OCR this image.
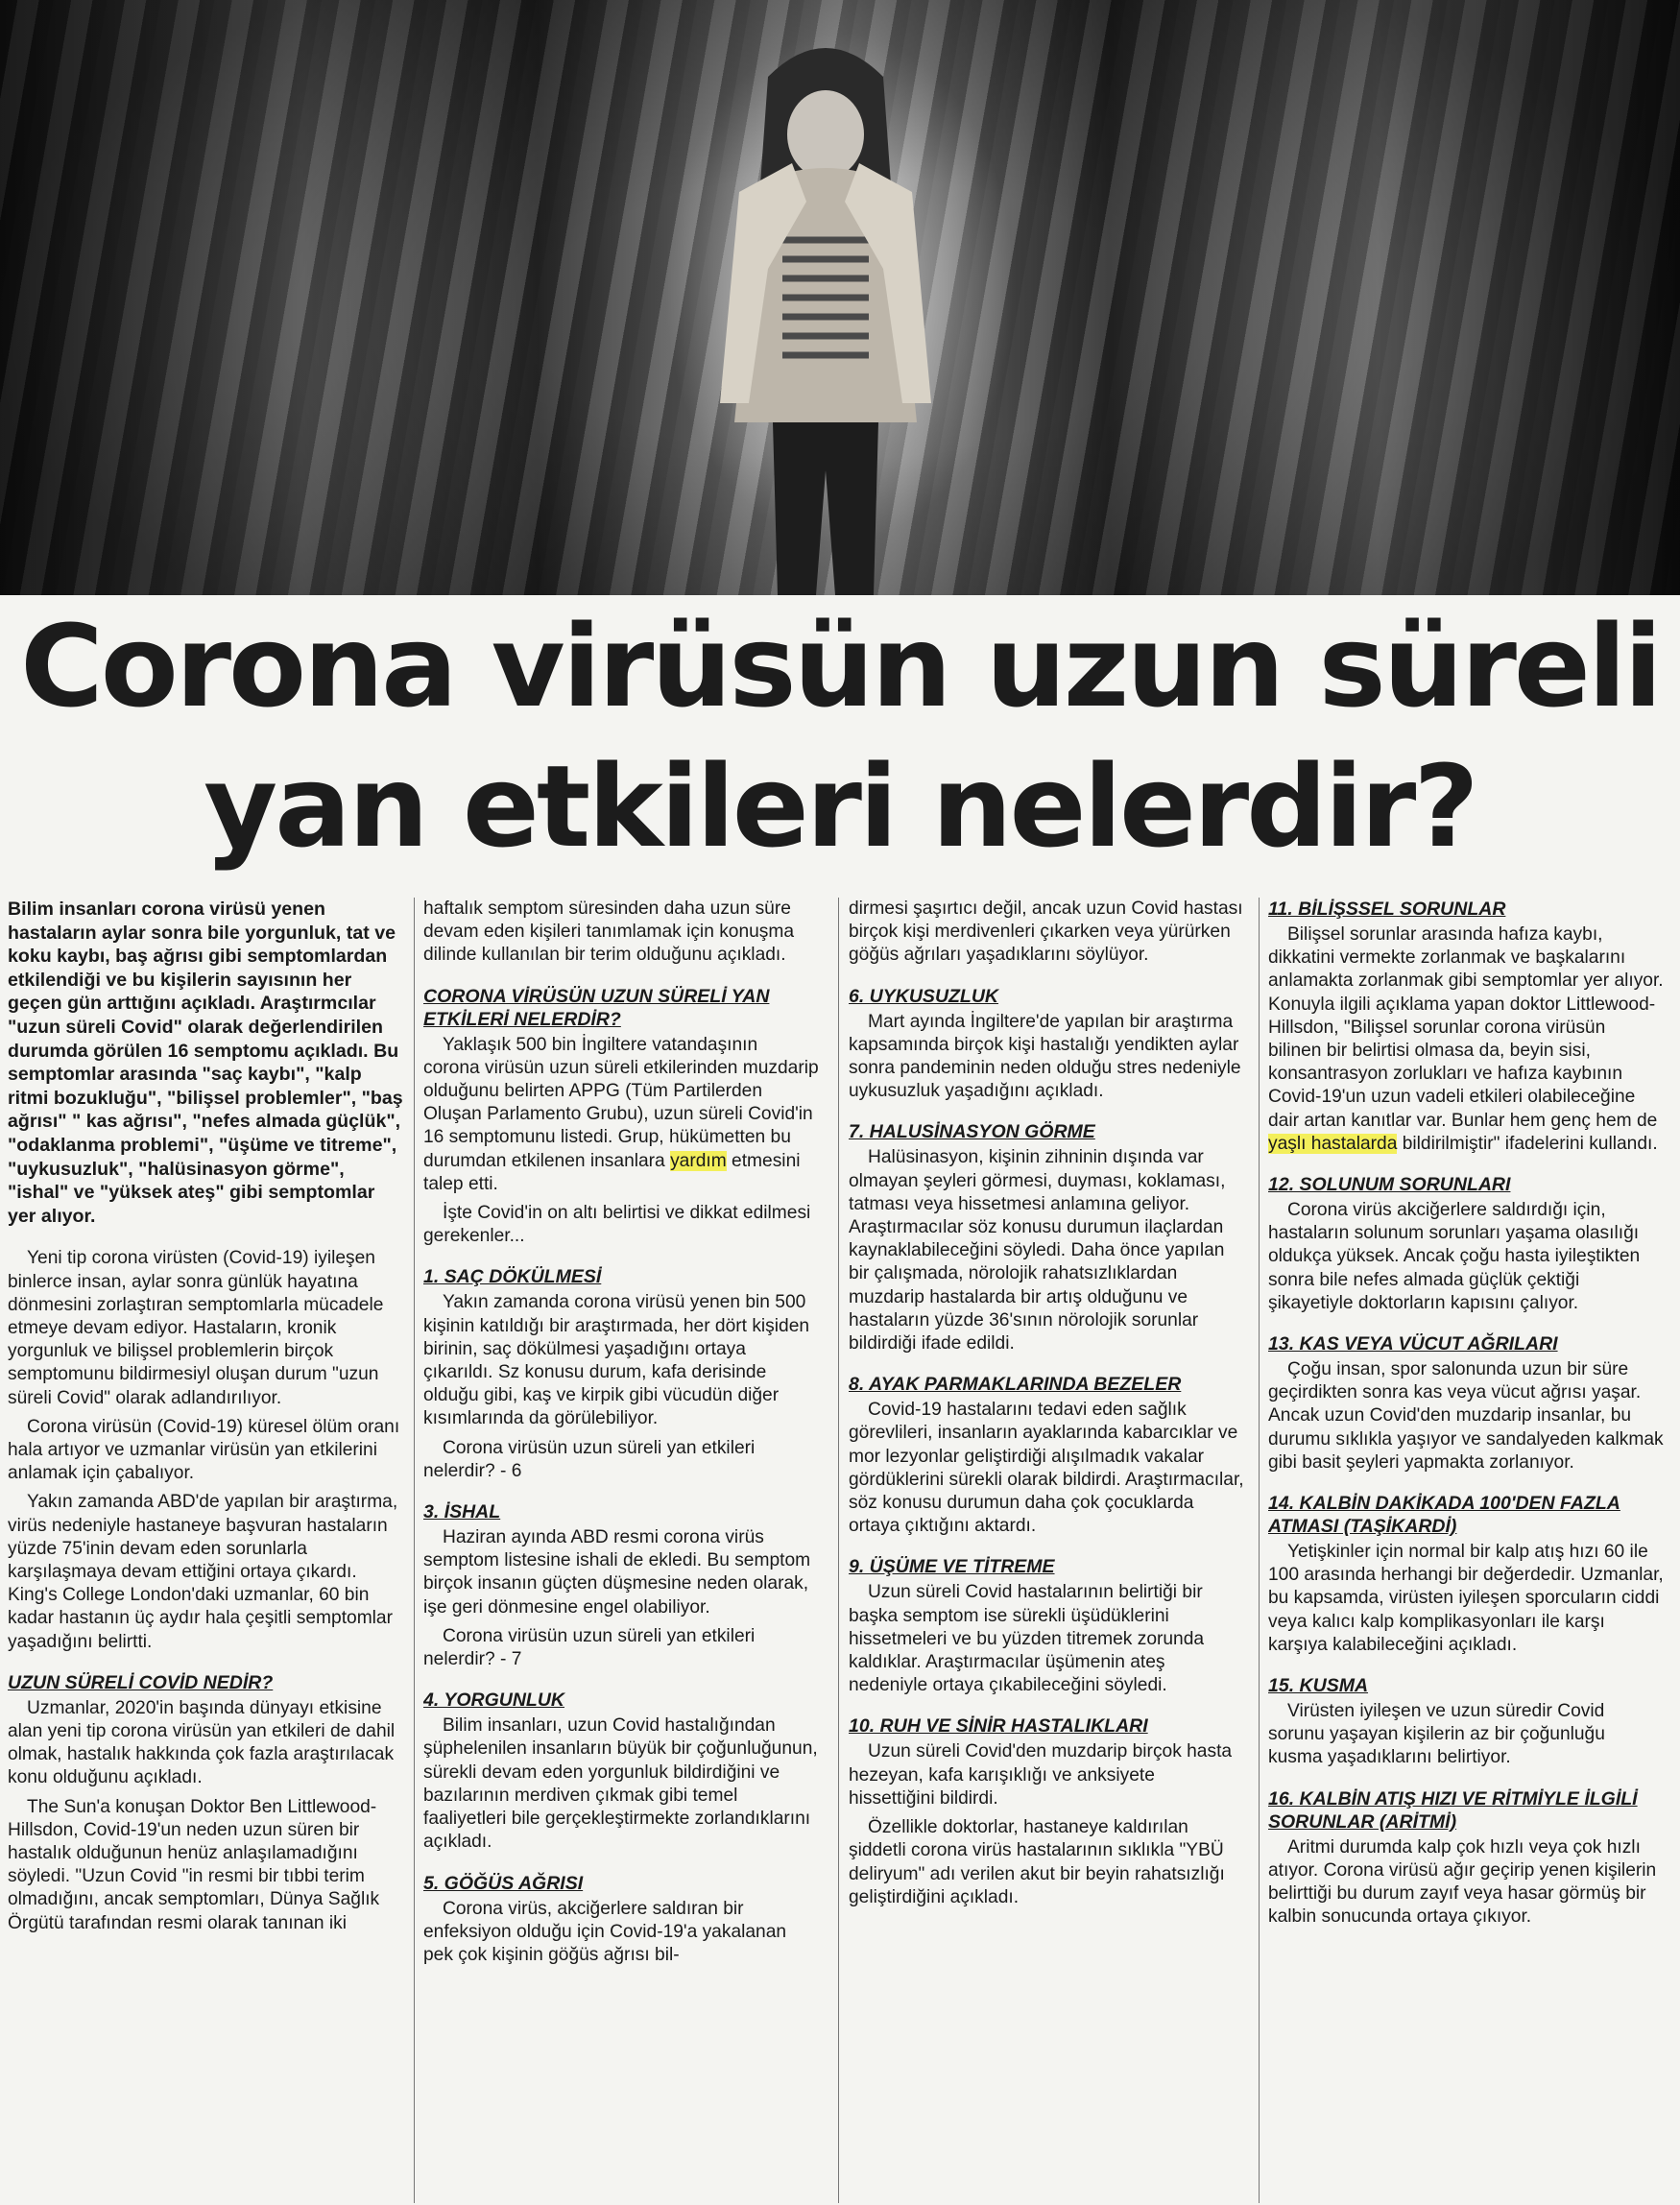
Corona virüsün uzun süreli
yan etkileri nelerdir?

Bilim insanları corona virüsü yenen hastaların aylar sonra bile yorgunluk, tat ve koku kaybı, baş ağrısı gibi semptomlardan etkilendiği ve bu kişilerin sayısının her geçen gün arttığını açıkladı. Araştırmcılar "uzun süreli Covid" olarak değerlendirilen durumda görülen 16 semptomu açıkladı. Bu semptomlar arasında "saç kaybı", "kalp ritmi bozukluğu", "bilişsel problemler", "baş ağrısı" " kas ağrısı", "nefes almada güçlük", "odaklanma problemi", "üşüme ve titreme", "uykusuzluk", "halüsinasyon görme", "ishal" ve "yüksek ateş" gibi semptomlar yer alıyor.

Yeni tip corona virüsten (Covid-19) iyileşen binlerce insan, aylar sonra günlük hayatına dönmesini zorlaştıran semptomlarla mücadele etmeye devam ediyor. Hastaların, kronik yorgunluk ve bilişsel problemlerin birçok semptomunu bildirmesiyl oluşan durum "uzun süreli Covid" olarak adlandırılıyor.

Corona virüsün (Covid-19) küresel ölüm oranı hala artıyor ve uzmanlar virüsün yan etkilerini anlamak için çabalıyor.

Yakın zamanda ABD'de yapılan bir araştırma, virüs nedeniyle hastaneye başvuran hastaların yüzde 75'inin devam eden sorunlarla karşılaşmaya devam ettiğini ortaya çıkardı. King's College London'daki uzmanlar, 60 bin kadar hastanın üç aydır hala çeşitli semptomlar yaşadığını belirtti.

UZUN SÜRELİ COVİD NEDİR?

Uzmanlar, 2020'in başında dünyayı etkisine alan yeni tip corona virüsün yan etkileri de dahil olmak, hastalık hakkında çok fazla araştırılacak konu olduğunu açıkladı.

The Sun'a konuşan Doktor Ben Littlewood-Hillsdon, Covid-19'un neden uzun süren bir hastalık olduğunun henüz anlaşılamadığını söyledi. "Uzun Covid "in resmi bir tıbbi terim olmadığını, ancak semptomları, Dünya Sağlık Örgütü tarafından resmi olarak tanınan iki

haftalık semptom süresinden daha uzun süre devam eden kişileri tanımlamak için konuşma dilinde kullanılan bir terim olduğunu açıkladı.

CORONA VİRÜSÜN UZUN SÜRELİ YAN ETKİLERİ NELERDİR?

Yaklaşık 500 bin İngiltere vatandaşının corona virüsün uzun süreli etkilerinden muzdarip olduğunu belirten APPG (Tüm Partilerden Oluşan Parlamento Grubu), uzun süreli Covid'in 16 semptomunu listedi. Grup, hükümetten bu durumdan etkilenen insanlara yardım etmesini talep etti.

İşte Covid'in on altı belirtisi ve dikkat edilmesi gerekenler...

1. SAÇ DÖKÜLMESİ

Yakın zamanda corona virüsü yenen bin 500 kişinin katıldığı bir araştırmada, her dört kişiden birinin, saç dökülmesi yaşadığını ortaya çıkarıldı. Sz konusu durum, kafa derisinde olduğu gibi, kaş ve kirpik gibi vücudün diğer kısımlarında da görülebiliyor.

Corona virüsün uzun süreli yan etkileri nelerdir? - 6

3. İSHAL

Haziran ayında ABD resmi corona virüs semptom listesine ishali de ekledi. Bu semptom birçok insanın güçten düşmesine neden olarak, işe geri dönmesine engel olabiliyor.

Corona virüsün uzun süreli yan etkileri nelerdir? - 7

4. YORGUNLUK

Bilim insanları, uzun Covid hastalığından şüphelenilen insanların büyük bir çoğunluğunun, sürekli devam eden yorgunluk bildirdiğini ve bazılarının merdiven çıkmak gibi temel faaliyetleri bile gerçekleştirmekte zorlandıklarını açıkladı.

5. GÖĞÜS AĞRISI

Corona virüs, akciğerlere saldıran bir enfeksiyon olduğu için Covid-19'a yakalanan pek çok kişinin göğüs ağrısı bil-

dirmesi şaşırtıcı değil, ancak uzun Covid hastası birçok kişi merdivenleri çıkarken veya yürürken göğüs ağrıları yaşadıklarını söylüyor.

6. UYKUSUZLUK

Mart ayında İngiltere'de yapılan bir araştırma kapsamında birçok kişi hastalığı yendikten aylar sonra pandeminin neden olduğu stres nedeniyle uykusuzluk yaşadığını açıkladı.

7. HALUSİNASYON GÖRME

Halüsinasyon, kişinin zihninin dışında var olmayan şeyleri görmesi, duyması, koklaması, tatması veya hissetmesi anlamına geliyor. Araştırmacılar söz konusu durumun ilaçlardan kaynaklabileceğini söyledi. Daha önce yapılan bir çalışmada, nörolojik rahatsızlıklardan muzdarip hastalarda bir artış olduğunu ve hastaların yüzde 36'sının nörolojik sorunlar bildirdiği ifade edildi.

8. AYAK PARMAKLARINDA BEZELER

Covid-19 hastalarını tedavi eden sağlık görevlileri, insanların ayaklarında kabarcıklar ve mor lezyonlar geliştirdiği alışılmadık vakalar gördüklerini sürekli olarak bildirdi. Araştırmacılar, söz konusu durumun daha çok çocuklarda ortaya çıktığını aktardı.

9. ÜŞÜME VE TİTREME

Uzun süreli Covid hastalarının belirtiği bir başka semptom ise sürekli üşüdüklerini hissetmeleri ve bu yüzden titremek zorunda kaldıklar. Araştırmacılar üşümenin ateş nedeniyle ortaya çıkabileceğini söyledi.

10. RUH VE SİNİR HASTALIKLARI

Uzun süreli Covid'den muzdarip birçok hasta hezeyan, kafa karışıklığı ve anksiyete hissettiğini bildirdi.

Özellikle doktorlar, hastaneye kaldırılan şiddetli corona virüs hastalarının sıklıkla "YBÜ deliryum" adı verilen akut bir beyin rahatsızlığı geliştirdiğini açıkladı.

11. BİLİŞSSEL SORUNLAR

Bilişsel sorunlar arasında hafıza kaybı, dikkatini vermekte zorlanmak ve başkalarını anlamakta zorlanmak gibi semptomlar yer alıyor. Konuyla ilgili açıklama yapan doktor Littlewood-Hillsdon, "Bilişsel sorunlar corona virüsün bilinen bir belirtisi olmasa da, beyin sisi, konsantrasyon zorlukları ve hafıza kaybının Covid-19'un uzun vadeli etkileri olabileceğine dair artan kanıtlar var. Bunlar hem genç hem de yaşlı hastalarda bildirilmiştir" ifadelerini kullandı.

12. SOLUNUM SORUNLARI

Corona virüs akciğerlere saldırdığı için, hastaların solunum sorunları yaşama olasılığı oldukça yüksek. Ancak çoğu hasta iyileştikten sonra bile nefes almada güçlük çektiği şikayetiyle doktorların kapısını çalıyor.

13. KAS VEYA VÜCUT AĞRILARI

Çoğu insan, spor salonunda uzun bir süre geçirdikten sonra kas veya vücut ağrısı yaşar. Ancak uzun Covid'den muzdarip insanlar, bu durumu sıklıkla yaşıyor ve sandalyeden kalkmak gibi basit şeyleri yapmakta zorlanıyor.

14. KALBİN DAKİKADA 100'DEN FAZLA ATMASI (TAŞİKARDİ)

Yetişkinler için normal bir kalp atış hızı 60 ile 100 arasında herhangi bir değerdedir. Uzmanlar, bu kapsamda, virüsten iyileşen sporcuların ciddi veya kalıcı kalp komplikasyonları ile karşı karşıya kalabileceğini açıkladı.

15. KUSMA

Virüsten iyileşen ve uzun süredir Covid sorunu yaşayan kişilerin az bir çoğunluğu kusma yaşadıklarını belirtiyor.

16. KALBİN ATIŞ HIZI VE RİTMİYLE İLGİLİ SORUNLAR (ARİTMİ)

Aritmi durumda kalp çok hızlı veya çok hızlı atıyor. Corona virüsü ağır geçirip yenen kişilerin belirttiği bu durum zayıf veya hasar görmüş bir kalbin sonucunda ortaya çıkıyor.
